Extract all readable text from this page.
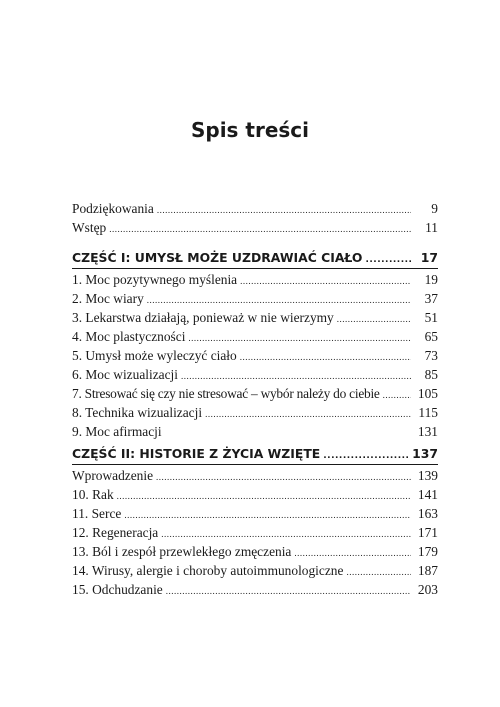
Spis treści
Podziękowania .....	9
Wstęp .....	11
CZĘŚĆ I: UMYSŁ MOŻE UZDRAWIAĆ CIAŁO .....	17
1. Moc pozytywnego myślenia .....	19
2. Moc wiary .....	37
3. Lekarstwa działają, ponieważ w nie wierzymy .....	51
4. Moc plastyczności .....	65
5. Umysł może wyleczyć ciało .....	73
6. Moc wizualizacji .....	85
7. Stresować się czy nie stresować – wybór należy do ciebie .....	105
8. Technika wizualizacji .....	115
9. Moc afirmacji	131
CZĘŚĆ II: HISTORIE Z ŻYCIA WZIĘTE .....	137
Wprowadzenie .....	139
10. Rak .....	141
11. Serce .....	163
12. Regeneracja .....	171
13. Ból i zespół przewlekłego zmęczenia .....	179
14. Wirusy, alergie i choroby autoimmunologiczne .....	187
15. Odchudzanie .....	203
